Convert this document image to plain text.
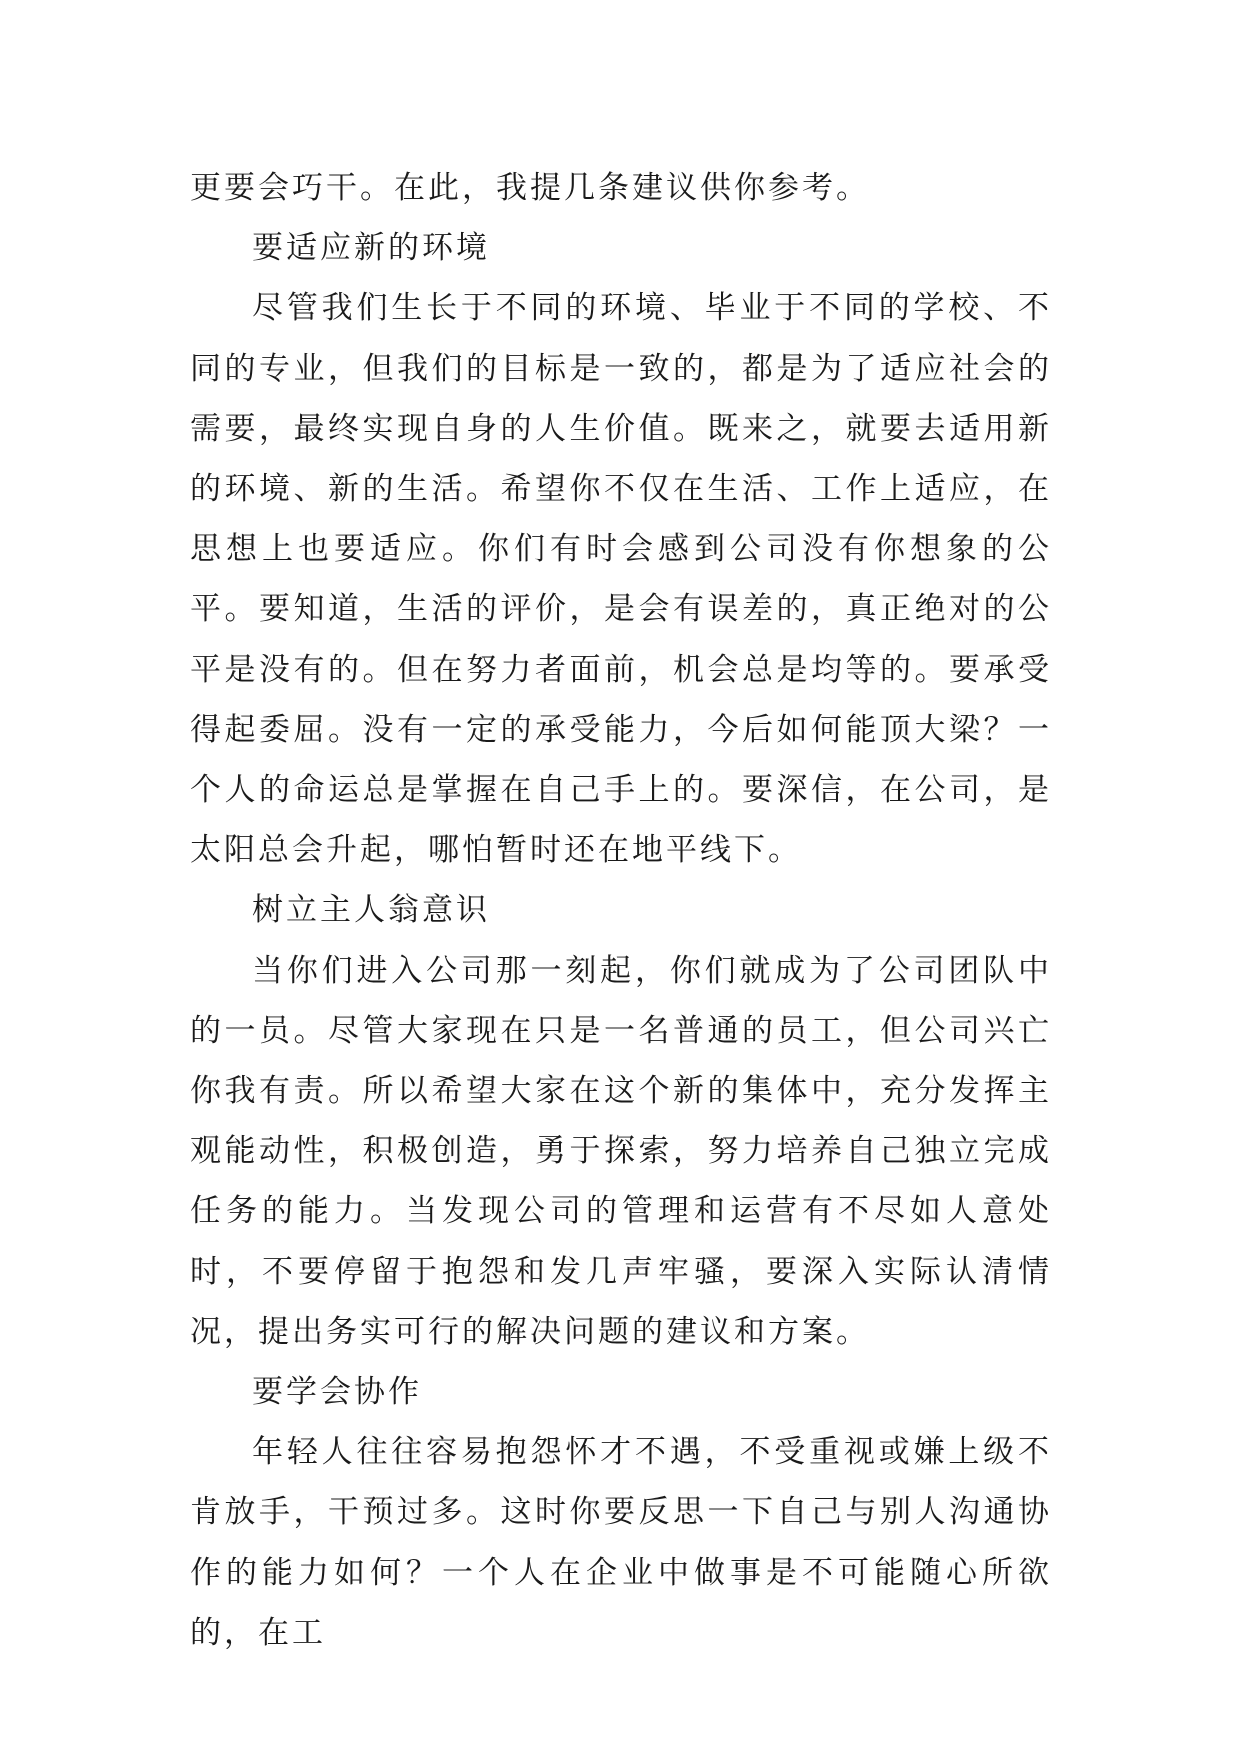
更要会巧干。在此，我提几条建议供你参考。

要适应新的环境

尽管我们生长于不同的环境、毕业于不同的学校、不同的专业，但我们的目标是一致的，都是为了适应社会的需要，最终实现自身的人生价值。既来之，就要去适用新的环境、新的生活。希望你不仅在生活、工作上适应，在思想上也要适应。你们有时会感到公司没有你想象的公平。要知道，生活的评价，是会有误差的，真正绝对的公平是没有的。但在努力者面前，机会总是均等的。要承受得起委屈。没有一定的承受能力，今后如何能顶大梁？一个人的命运总是掌握在自己手上的。要深信，在公司，是太阳总会升起，哪怕暂时还在地平线下。

树立主人翁意识

当你们进入公司那一刻起，你们就成为了公司团队中的一员。尽管大家现在只是一名普通的员工，但公司兴亡你我有责。所以希望大家在这个新的集体中，充分发挥主观能动性，积极创造，勇于探索，努力培养自己独立完成任务的能力。当发现公司的管理和运营有不尽如人意处时，不要停留于抱怨和发几声牢骚，要深入实际认清情况，提出务实可行的解决问题的建议和方案。

要学会协作

年轻人往往容易抱怨怀才不遇，不受重视或嫌上级不肯放手，干预过多。这时你要反思一下自己与别人沟通协作的能力如何？一个人在企业中做事是不可能随心所欲的，在工
